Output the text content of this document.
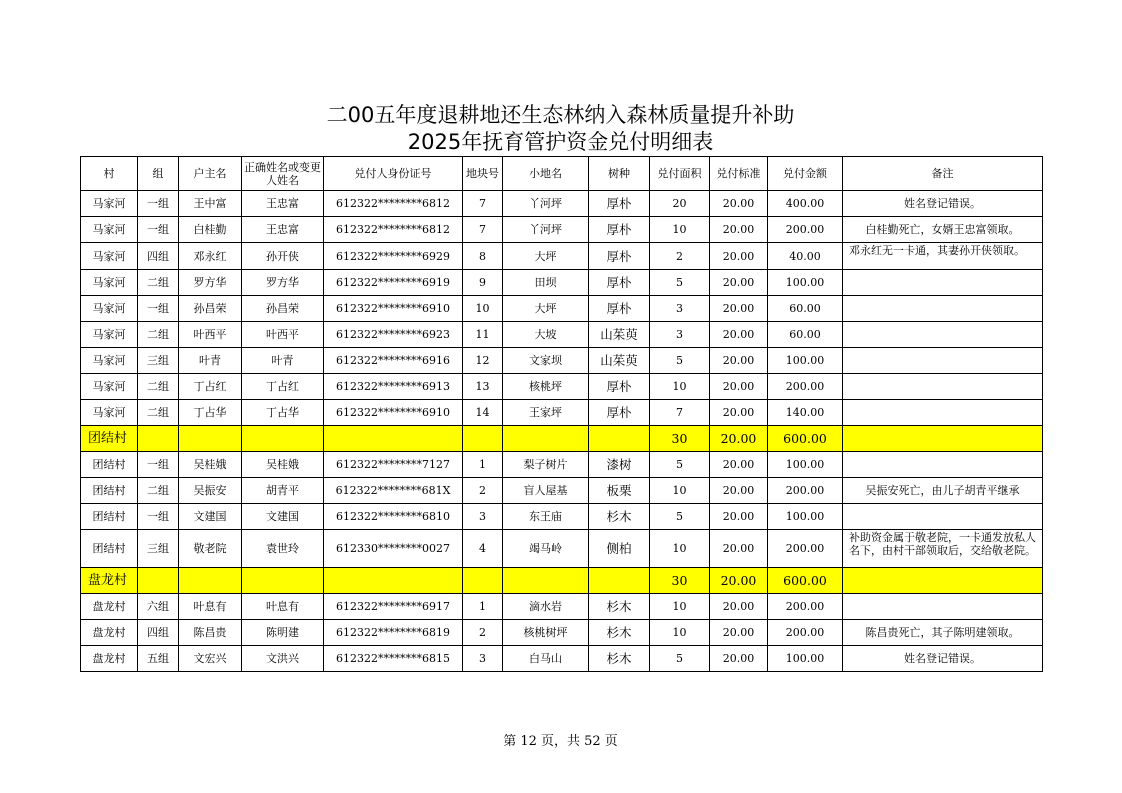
二00五年度退耕地还生态林纳入森林质量提升补助
2025年抚育管护资金兑付明细表
村	组	户主名	正确姓名或变更人姓名	兑付人身份证号	地块号	小地名	树种	兑付面积	兑付标准	兑付金额	备注
马家河	一组	王中富	王忠富	612322********6812	7	丫河坪	厚朴	20	20.00	400.00	姓名登记错误。
马家河	一组	白桂勤	王忠富	612322********6812	7	丫河坪	厚朴	10	20.00	200.00	白桂勤死亡，女婿王忠富领取。
马家河	四组	邓永红	孙开侠	612322********6929	8	大坪	厚朴	2	20.00	40.00	邓永红无一卡通，其妻孙开侠领取。
马家河	二组	罗方华	罗方华	612322********6919	9	田坝	厚朴	5	20.00	100.00	
马家河	一组	孙昌荣	孙昌荣	612322********6910	10	大坪	厚朴	3	20.00	60.00	
马家河	二组	叶西平	叶西平	612322********6923	11	大坡	山茱萸	3	20.00	60.00	
马家河	三组	叶青	叶青	612322********6916	12	文家坝	山茱萸	5	20.00	100.00	
马家河	二组	丁占红	丁占红	612322********6913	13	核桃坪	厚朴	10	20.00	200.00	
马家河	二组	丁占华	丁占华	612322********6910	14	王家坪	厚朴	7	20.00	140.00	
团结村								30	20.00	600.00	
团结村	一组	吴桂娥	吴桂娥	612322********7127	1	梨子树片	漆树	5	20.00	100.00	
团结村	二组	吴振安	胡青平	612322********681X	2	盲人屋基	板栗	10	20.00	200.00	吴振安死亡，由儿子胡青平继承
团结村	一组	文建国	文建国	612322********6810	3	东王庙	杉木	5	20.00	100.00	
团结村	三组	敬老院	袁世玲	612330********0027	4	竭马岭	侧柏	10	20.00	200.00	补助资金属于敬老院，一卡通发放私人名下，由村干部领取后，交给敬老院。
盘龙村								30	20.00	600.00	
盘龙村	六组	叶息有	叶息有	612322********6917	1	滴水岩	杉木	10	20.00	200.00	
盘龙村	四组	陈昌贵	陈明建	612322********6819	2	核桃树坪	杉木	10	20.00	200.00	陈昌贵死亡，其子陈明建领取。
盘龙村	五组	文宏兴	文洪兴	612322********6815	3	白马山	杉木	5	20.00	100.00	姓名登记错误。
第 12 页，共 52 页
